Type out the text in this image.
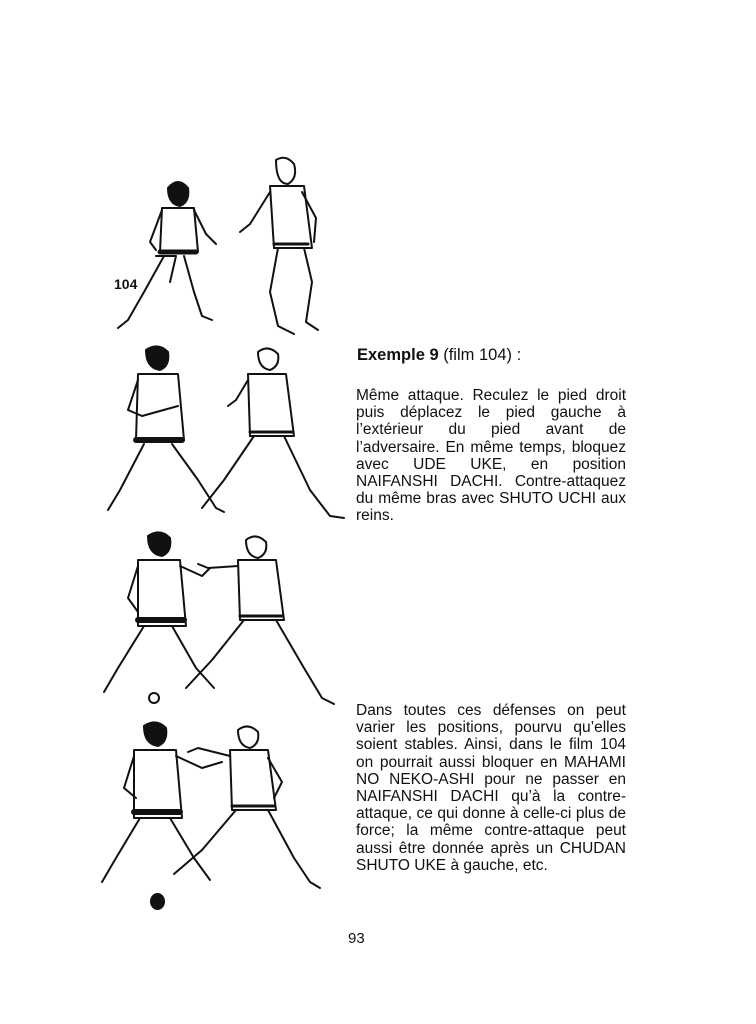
104
Exemple 9 (film 104) :

Même attaque. Reculez le pied droit puis déplacez le pied gauche à l’extérieur du pied avant de l’adversaire. En même temps, bloquez avec UDE UKE, en position NAIFANSHI DACHI. Contre-attaquez du même bras avec SHUTO UCHI aux reins.

Dans toutes ces défenses on peut varier les positions, pourvu qu’elles soient stables. Ainsi, dans le film 104 on pourrait aussi bloquer en MAHAMI NO NEKO-ASHI pour ne passer en NAIFANSHI DACHI qu’à la contre-attaque, ce qui donne à celle-ci plus de force; la même contre-attaque peut aussi être donnée après un CHUDAN SHUTO UKE à gauche, etc.

93
